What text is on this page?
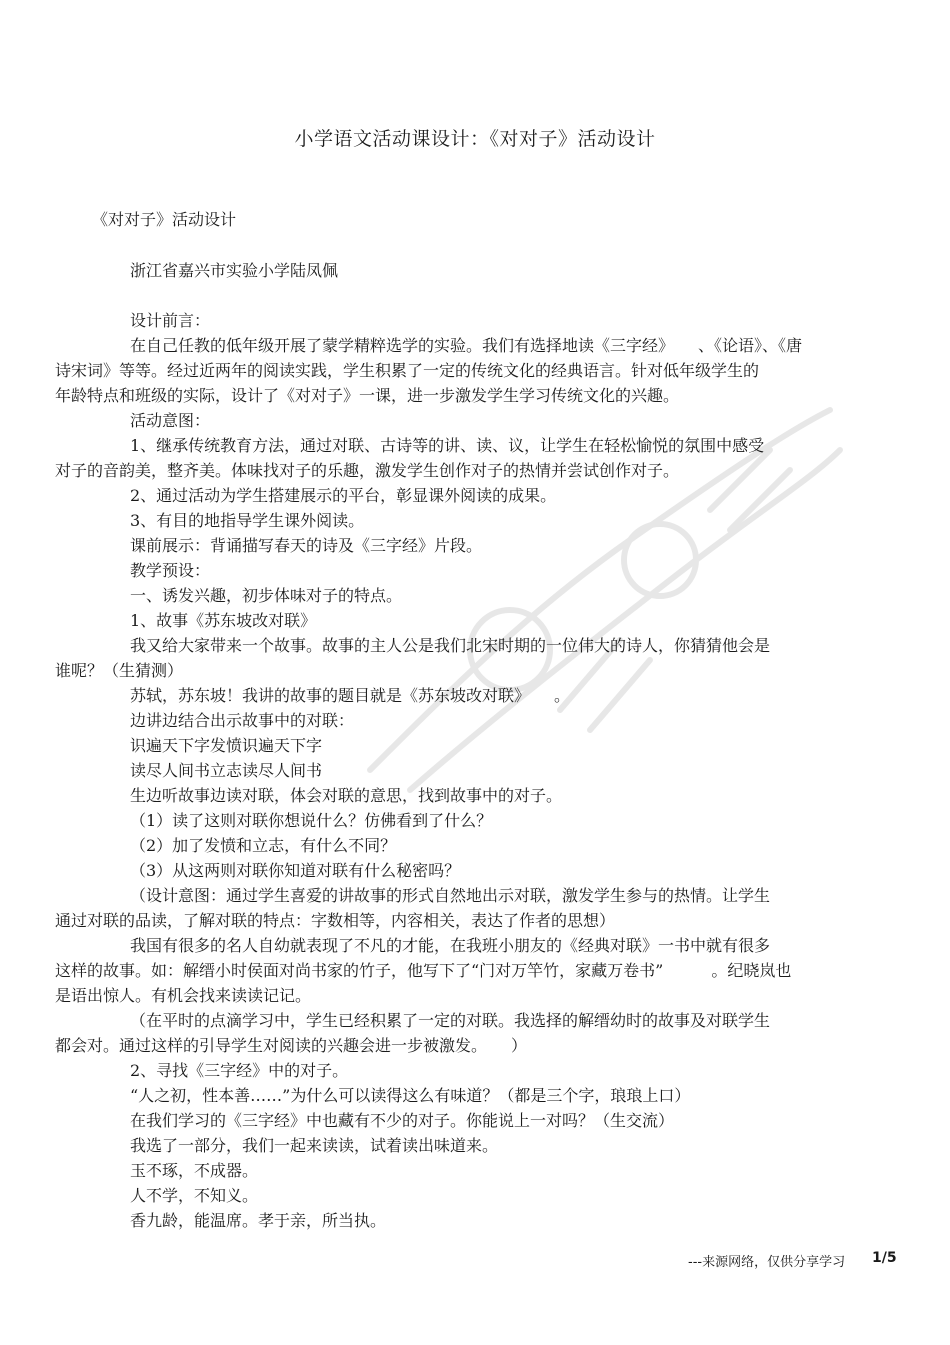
小学语文活动课设计：《对对子》活动设计
《对对子》活动设计
浙江省嘉兴市实验小学陆凤佩
设计前言：
在自己任教的低年级开展了蒙学精粹选学的实验。我们有选择地读《三字经》　　、《论语》、《唐
诗宋词》等等。经过近两年的阅读实践，学生积累了一定的传统文化的经典语言。针对低年级学生的
年龄特点和班级的实际，设计了《对对子》一课，进一步激发学生学习传统文化的兴趣。
活动意图：
1、继承传统教育方法，通过对联、古诗等的讲、读、议，让学生在轻松愉悦的氛围中感受
对子的音韵美，整齐美。体味找对子的乐趣，激发学生创作对子的热情并尝试创作对子。
2、通过活动为学生搭建展示的平台，彰显课外阅读的成果。
3、有目的地指导学生课外阅读。
课前展示：背诵描写春天的诗及《三字经》片段。
教学预设：
一、诱发兴趣，初步体味对子的特点。
1、故事《苏东坡改对联》
我又给大家带来一个故事。故事的主人公是我们北宋时期的一位伟大的诗人，你猜猜他会是
谁呢？（生猜测）
苏轼，苏东坡！我讲的故事的题目就是《苏东坡改对联》　　。
边讲边结合出示故事中的对联：
识遍天下字发愤识遍天下字
读尽人间书立志读尽人间书
生边听故事边读对联，体会对联的意思，找到故事中的对子。
（1）读了这则对联你想说什么？仿佛看到了什么？
（2）加了发愤和立志，有什么不同？
（3）从这两则对联你知道对联有什么秘密吗？
（设计意图：通过学生喜爱的讲故事的形式自然地出示对联，激发学生参与的热情。让学生
通过对联的品读，了解对联的特点：字数相等，内容相关，表达了作者的思想）
我国有很多的名人自幼就表现了不凡的才能，在我班小朋友的《经典对联》一书中就有很多
这样的故事。如：解缙小时侯面对尚书家的竹子，他写下了“门对万竿竹，家藏万卷书”　　　。纪晓岚也
是语出惊人。有机会找来读读记记。
（在平时的点滴学习中，学生已经积累了一定的对联。我选择的解缙幼时的故事及对联学生
都会对。通过这样的引导学生对阅读的兴趣会进一步被激发。　　）
2、寻找《三字经》中的对子。
“人之初，性本善……”为什么可以读得这么有味道？（都是三个字，琅琅上口）
在我们学习的《三字经》中也藏有不少的对子。你能说上一对吗？（生交流）
我选了一部分，我们一起来读读，试着读出味道来。
玉不琢，不成器。
人不学，不知义。
香九龄，能温席。孝于亲，所当执。
---来源网络，仅供分享学习 1/5
